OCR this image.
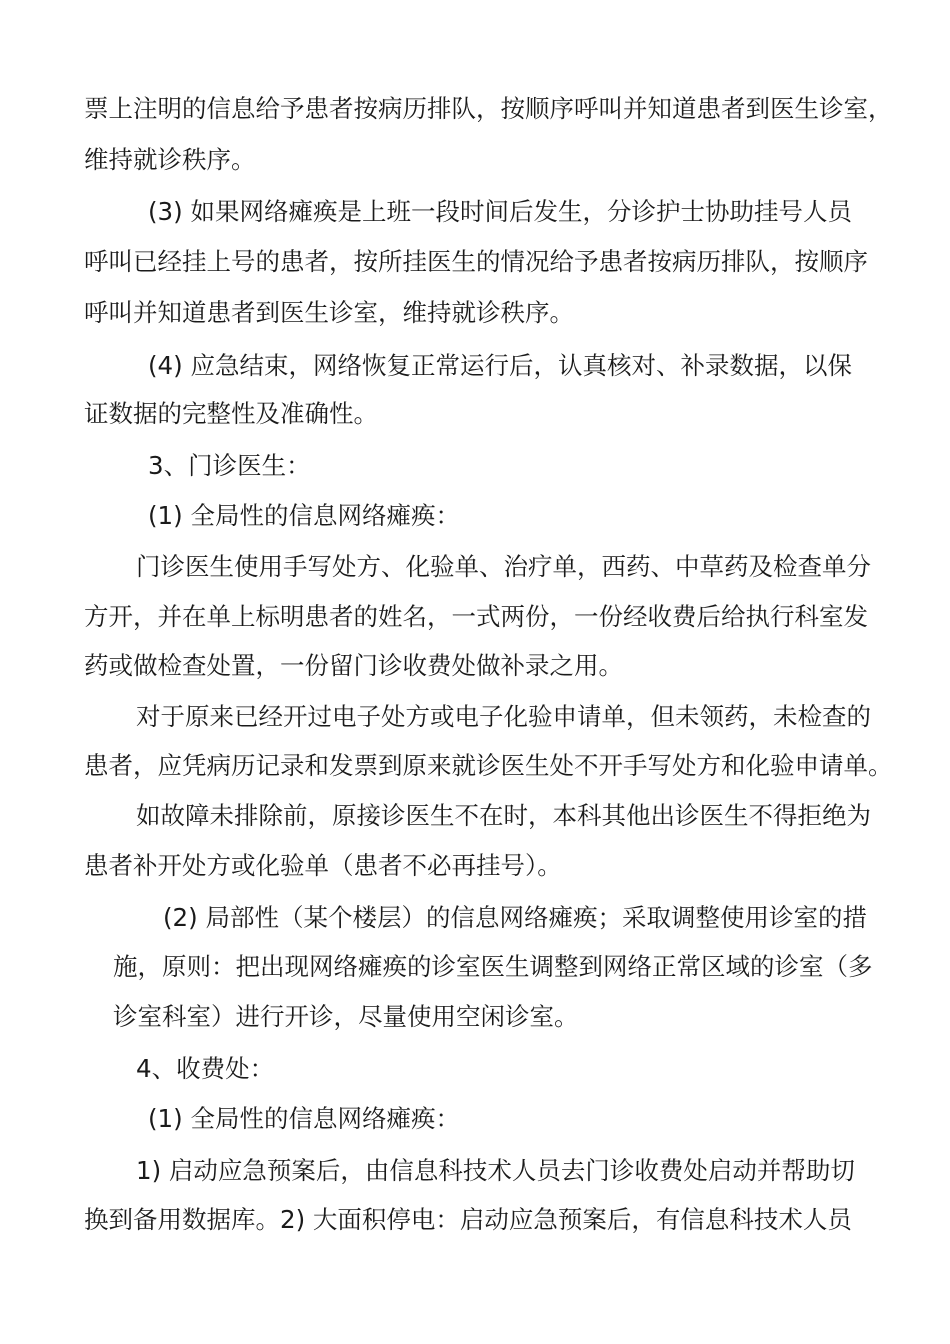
票上注明的信息给予患者按病历排队，按顺序呼叫并知道患者到医生诊室，

维持就诊秩序。

(3) 如果网络瘫痪是上班一段时间后发生，分诊护士协助挂号人员

呼叫已经挂上号的患者，按所挂医生的情况给予患者按病历排队，按顺序

呼叫并知道患者到医生诊室，维持就诊秩序。

(4) 应急结束，网络恢复正常运行后，认真核对、补录数据，以保

证数据的完整性及准确性。

3、门诊医生：

(1) 全局性的信息网络瘫痪：

门诊医生使用手写处方、化验单、治疗单，西药、中草药及检查单分

方开，并在单上标明患者的姓名，一式两份，一份经收费后给执行科室发

药或做检查处置，一份留门诊收费处做补录之用。

对于原来已经开过电子处方或电子化验申请单，但未领药，未检查的

患者，应凭病历记录和发票到原来就诊医生处不开手写处方和化验申请单。

如故障未排除前，原接诊医生不在时，本科其他出诊医生不得拒绝为

患者补开处方或化验单（患者不必再挂号）。

(2) 局部性（某个楼层）的信息网络瘫痪；采取调整使用诊室的措

施，原则：把出现网络瘫痪的诊室医生调整到网络正常区域的诊室（多

诊室科室）进行开诊，尽量使用空闲诊室。

4、收费处：

(1) 全局性的信息网络瘫痪：

1) 启动应急预案后，由信息科技术人员去门诊收费处启动并帮助切

换到备用数据库。2) 大面积停电：启动应急预案后，有信息科技术人员
